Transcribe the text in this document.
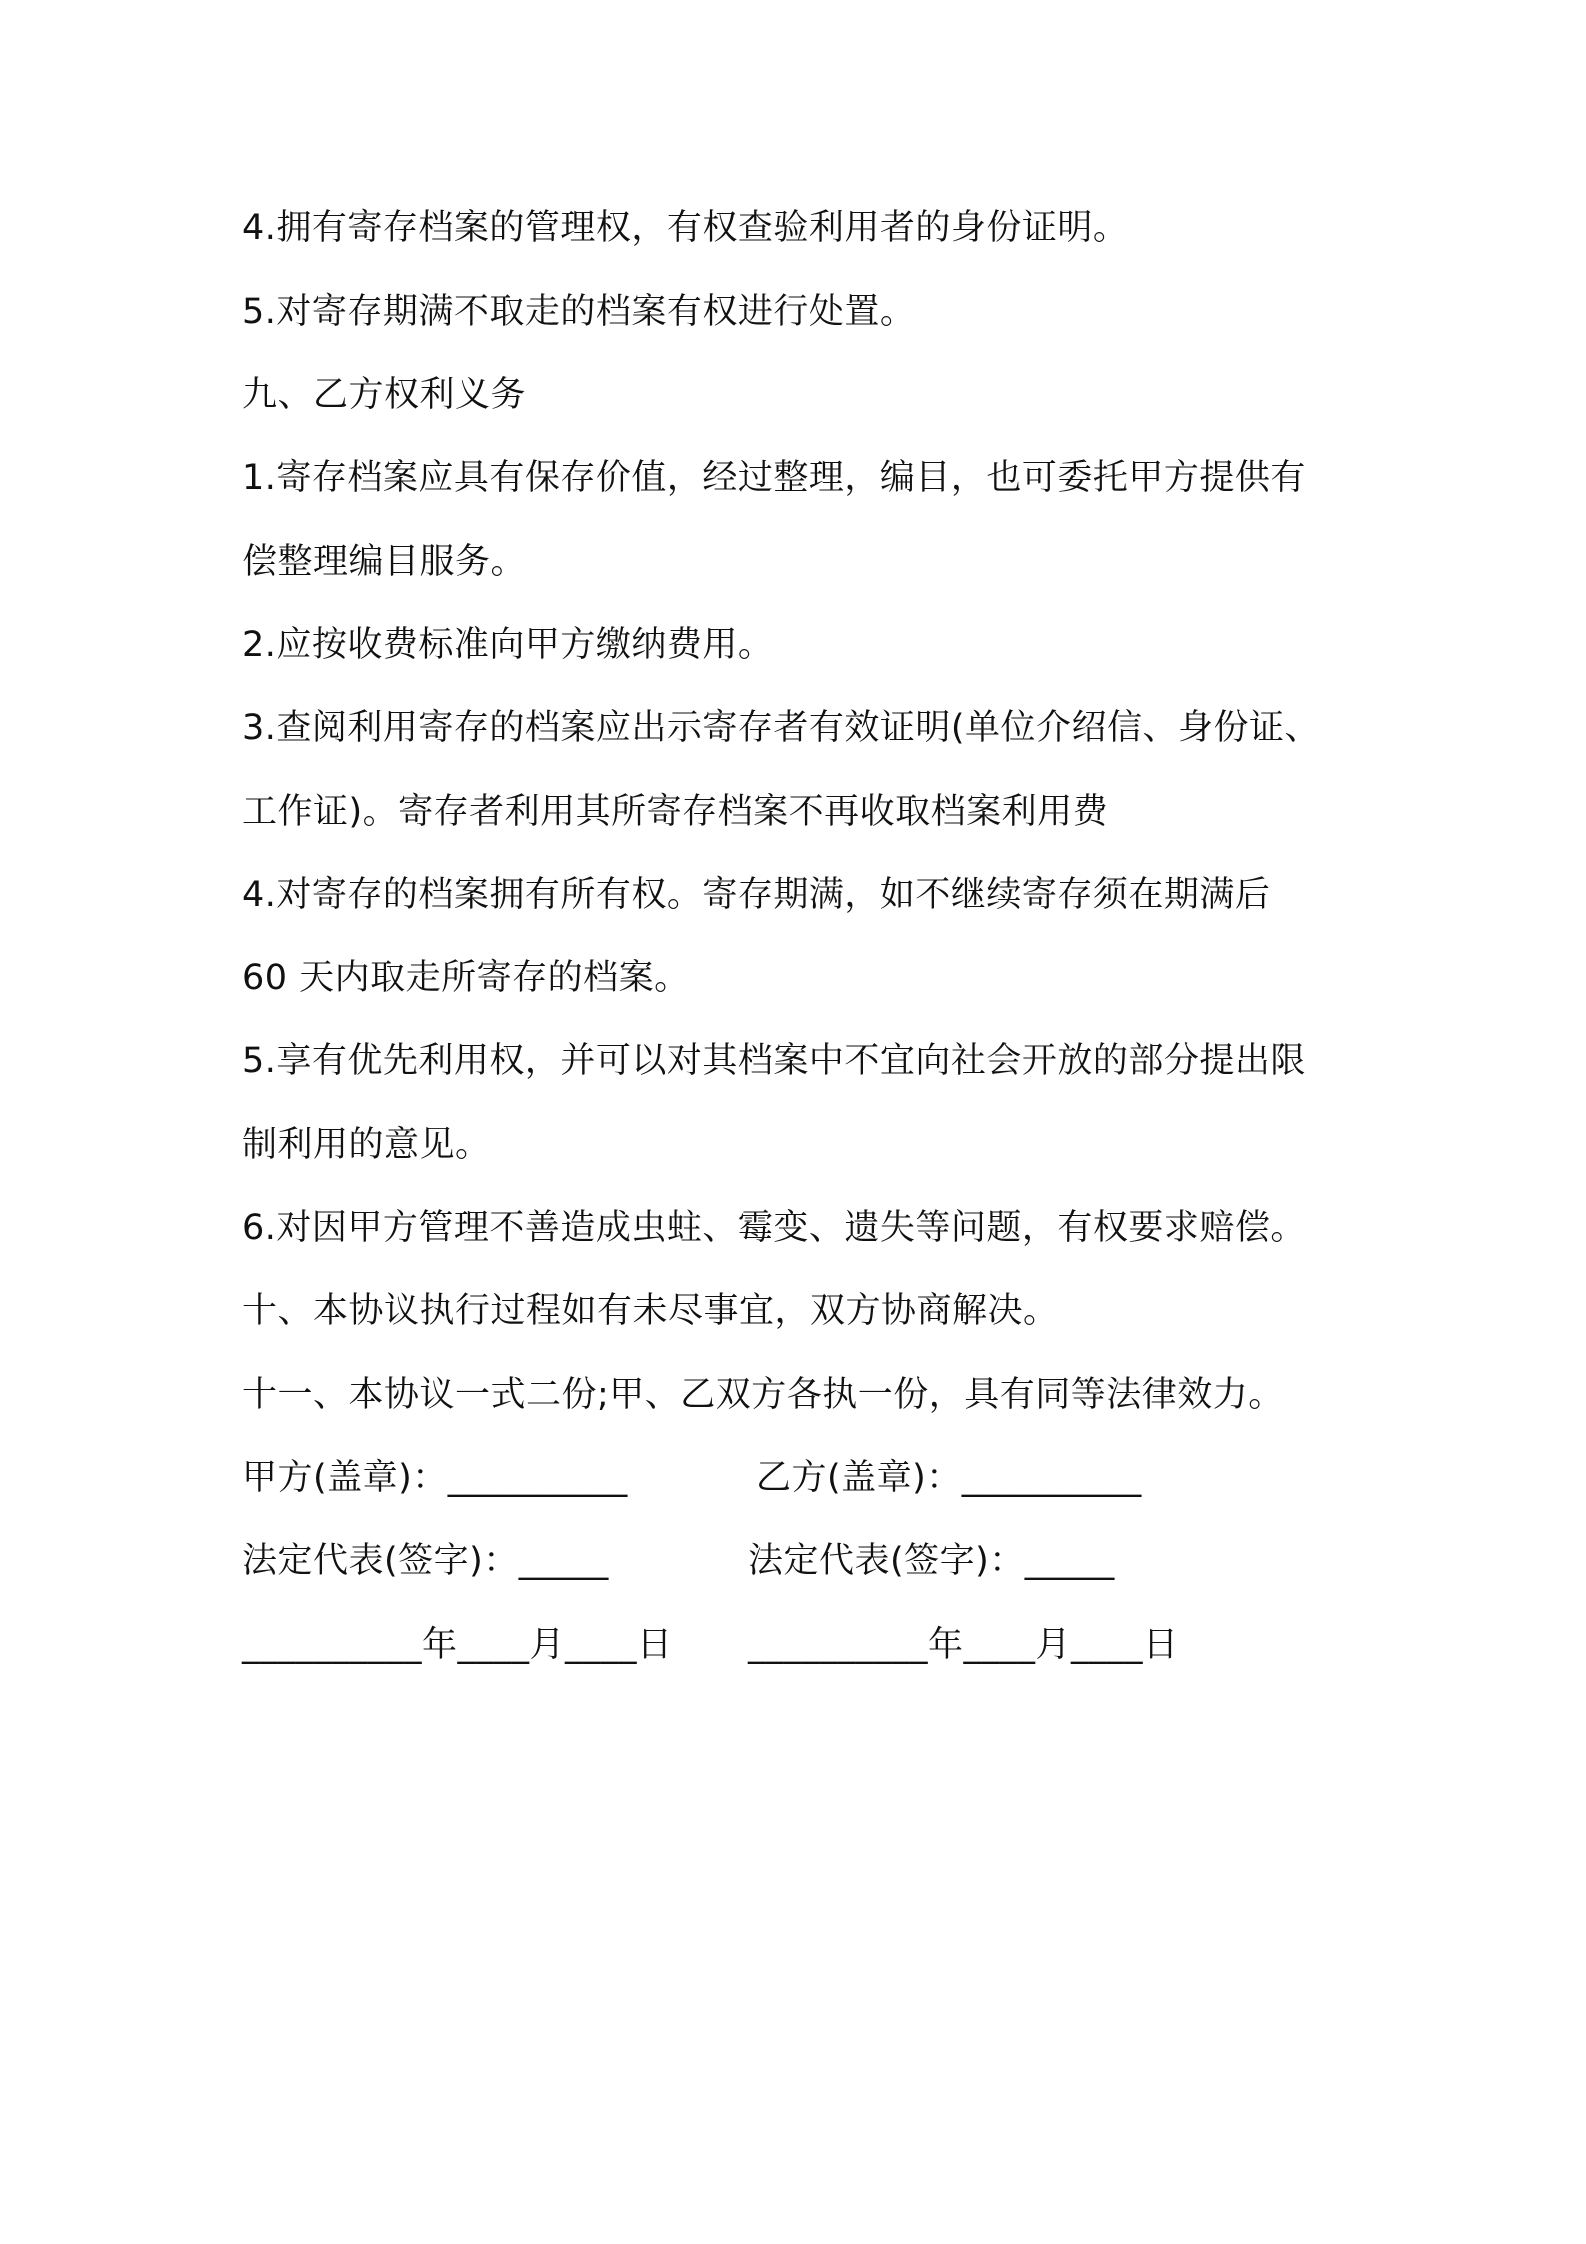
4.拥有寄存档案的管理权，有权查验利用者的身份证明。
5.对寄存期满不取走的档案有权进行处置。
九、乙方权利义务
1.寄存档案应具有保存价值，经过整理，编目，也可委托甲方提供有
偿整理编目服务。
2.应按收费标准向甲方缴纳费用。
3.查阅利用寄存的档案应出示寄存者有效证明(单位介绍信、身份证、
工作证)。寄存者利用其所寄存档案不再收取档案利用费
4.对寄存的档案拥有所有权。寄存期满，如不继续寄存须在期满后
60 天内取走所寄存的档案。
5.享有优先利用权，并可以对其档案中不宜向社会开放的部分提出限
制利用的意见。
6.对因甲方管理不善造成虫蛀、霉变、遗失等问题，有权要求赔偿。
十、本协议执行过程如有未尽事宜，双方协商解决。
十一、本协议一式二份;甲、乙双方各执一份，具有同等法律效力。
甲方(盖章)：__________	乙方(盖章)：__________
法定代表(签字)：_____	法定代表(签字)：_____
__________年____月____日 __________年____月____日
